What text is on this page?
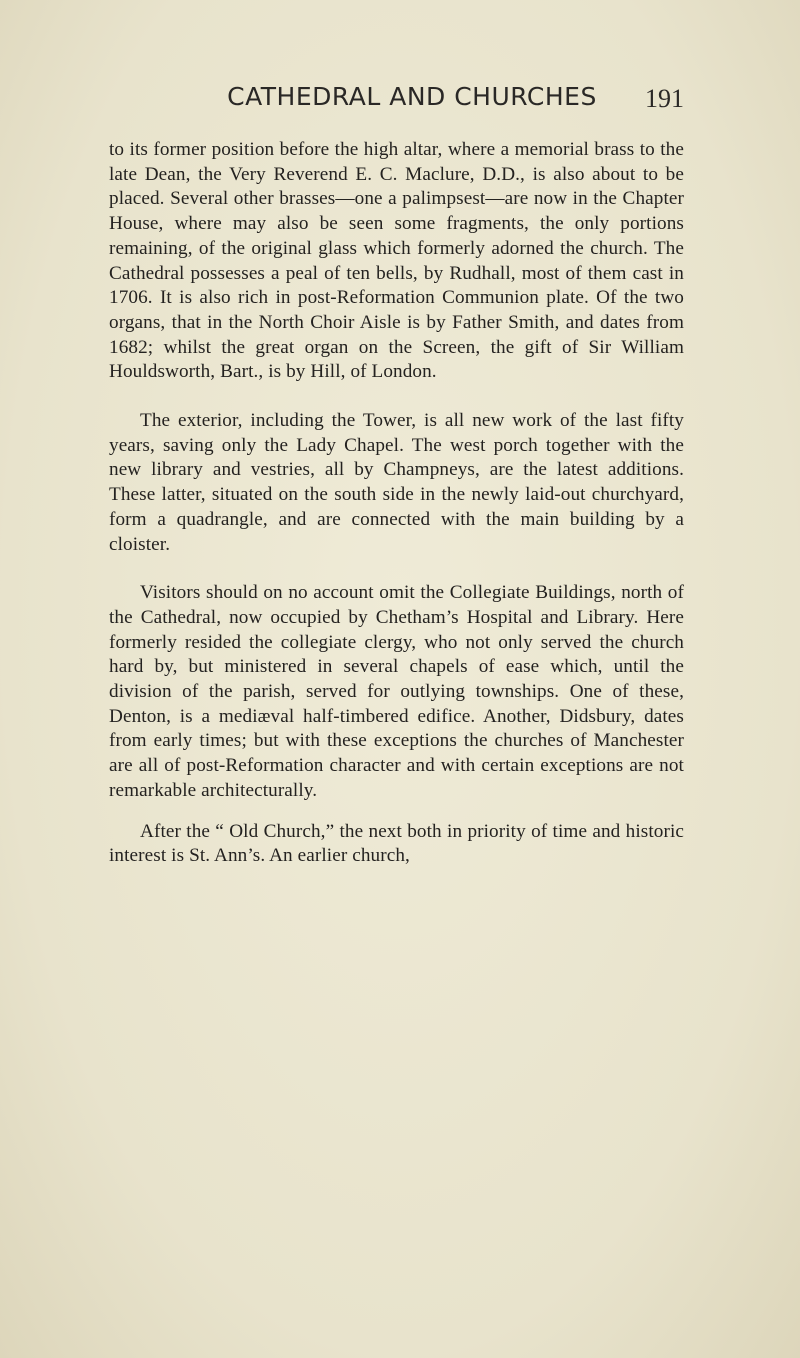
CATHEDRAL AND CHURCHES	191

to its former position before the high altar, where a memorial brass to the late Dean, the Very Reverend E. C. Maclure, D.D., is also about to be placed. Several other brasses—one a palimpsest—are now in the Chapter House, where may also be seen some fragments, the only portions remaining, of the original glass which formerly adorned the church. The Cathedral possesses a peal of ten bells, by Rudhall, most of them cast in 1706. It is also rich in post-Reformation Communion plate. Of the two organs, that in the North Choir Aisle is by Father Smith, and dates from 1682; whilst the great organ on the Screen, the gift of Sir William Houldsworth, Bart., is by Hill, of London.

The exterior, including the Tower, is all new work of the last fifty years, saving only the Lady Chapel. The west porch together with the new library and vestries, all by Champneys, are the latest additions. These latter, situated on the south side in the newly laid-out churchyard, form a quadrangle, and are connected with the main building by a cloister.

Visitors should on no account omit the Collegiate Buildings, north of the Cathedral, now occupied by Chetham’s Hospital and Library. Here formerly resided the collegiate clergy, who not only served the church hard by, but ministered in several chapels of ease which, until the division of the parish, served for outlying townships. One of these, Denton, is a mediæval half-timbered edifice. Another, Didsbury, dates from early times; but with these exceptions the churches of Manchester are all of post-Reformation character and with certain exceptions are not remarkable architecturally.

After the “ Old Church,” the next both in priority of time and historic interest is St. Ann’s. An earlier church,
